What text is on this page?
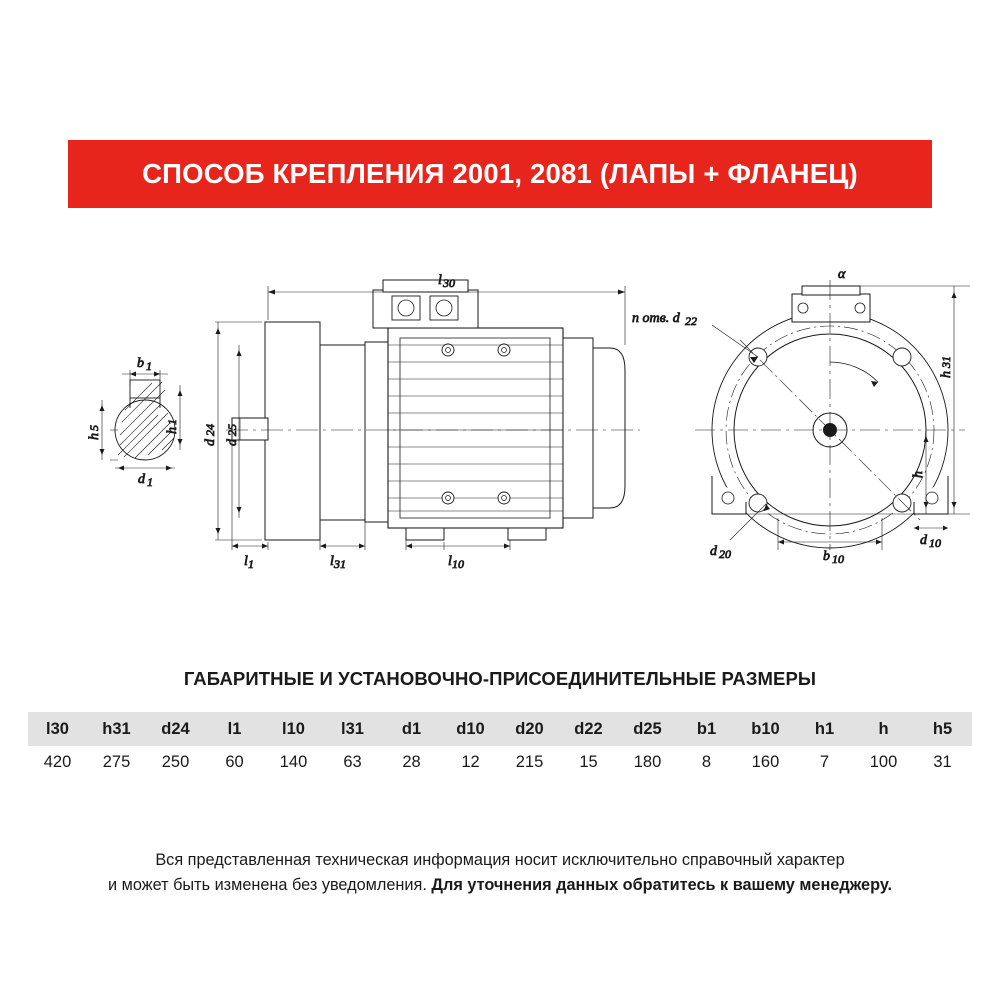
СПОСОБ КРЕПЛЕНИЯ 2001, 2081 (ЛАПЫ + ФЛАНЕЦ)
b 1
h
5	h
1
d 1
l 30
d
24
d
25
l 1	l 31	l 10
α
n отв. d 22
d 20	b 10
d 10
h
31
h
ГАБАРИТНЫЕ И УСТАНОВОЧНО-ПРИСОЕДИНИТЕЛЬНЫЕ РАЗМЕРЫ
l30	h31	d24	l1	l10	l31	d1	d10	d20	d22	d25	b1	b10	h1	h	h5
420	275	250	60	140	63	28	12	215	15	180	8	160	7	100	31
Вся представленная техническая информация носит исключительно справочный характер
и может быть изменена без уведомления. Для уточнения данных обратитесь к вашему менеджеру.
